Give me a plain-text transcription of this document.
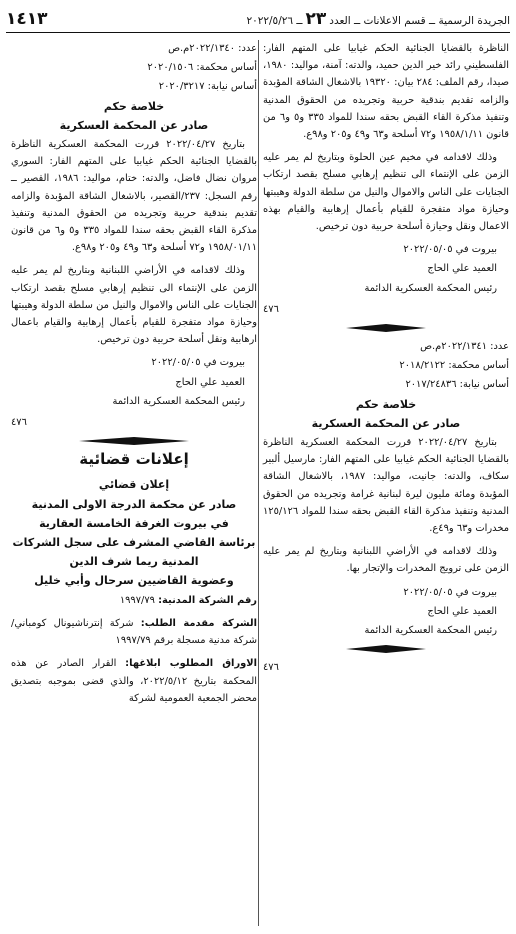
الجريدة الرسمية ــ قسم الاعلانات ــ العدد٢٣ــ ٢٠٢٢/٥/٢٦
١٤١٣

الناظرة بالقضايا الجنائية الحكم غيابيا على المتهم الفار: الفلسطيني رائد خير الدين حميد، والدته: آمنة، مواليد: ١٩٨٠، صيدا، رقم الملف: ٢٨٤ بيان: ١٩٣٢٠ بالاشغال الشاقة المؤبدة والزامه تقديم بندقية حربية وتجريده من الحقوق المدنية وتنفيذ مذكرة القاء القبض بحقه سندا للمواد ٣٣٥ و٥ و٦ من قانون ١٩٥٨/١/١١ و٧٢ أسلحة و٦٣ و٤٩ و٢٠٥ و٩٨ع.

وذلك لاقدامه في مخيم عين الحلوة وبتاريخ لم يمر عليه الزمن على الإنتماء الى تنظيم إرهابي مسلح بقصد ارتكاب الجنايات على الناس والاموال والنيل من سلطة الدولة وهيبتها وحيازة مواد متفجرة للقيام بأعمال إرهابية والقيام بهذه الاعمال ونقل وحيازة أسلحة حربية دون ترخيص.

بيروت في ٢٠٢٢/٠٥/٠٥

العميد علي الحاج

رئيس المحكمة العسكرية الدائمة

٤٧٦

عدد: ٢٠٢٢/١٣٤١م.ص

أساس محكمة: ٢٠١٨/٢١٢٢

أساس نيابة: ٢٠١٧/٢٤٨٣٦

خلاصة حكم
صادر عن المحكمة العسكرية

بتاريخ ٢٠٢٢/٠٤/٢٧ قررت المحكمة العسكرية الناظرة بالقضايا الجنائية الحكم غيابيا على المتهم الفار: مارسيل ألبير سكاف، والدته: جانيت، مواليد: ١٩٨٧، بالاشغال الشاقة المؤبدة ومائة مليون ليرة لبنانية غرامة وتجريده من الحقوق المدنية وتنفيذ مذكرة القاء القبض بحقه سندا للمواد ١٢٥/١٢٦ مخدرات و٦٣ و٤٩ع.

وذلك لاقدامه في الأراضي اللبنانية وبتاريخ لم يمر عليه الزمن على ترويج المخدرات والإتجار بها.

بيروت في ٢٠٢٢/٠٥/٠٥

العميد علي الحاج

رئيس المحكمة العسكرية الدائمة

٤٧٦

عدد: ٢٠٢٢/١٣٤٠م.ص

أساس محكمة: ٢٠٢٠/١٥٠٦

أساس نيابة: ٢٠٢٠/٣٢١٧

خلاصة حكم
صادر عن المحكمة العسكرية

بتاريخ ٢٠٢٢/٠٤/٢٧ قررت المحكمة العسكرية الناظرة بالقضايا الجنائية الحكم غيابيا على المتهم الفار: السوري مروان نضال فاضل، والدته: ختام، مواليد: ١٩٨٦، القصير ــ رقم السجل: ٢٣٧/القصير، بالاشغال الشاقة المؤبدة والزامه تقديم بندقية حربية وتجريده من الحقوق المدنية وتنفيذ مذكرة القاء القبض بحقه سندا للمواد ٣٣٥ و٥ و٦ من قانون ١٩٥٨/٠١/١١ و٧٢ أسلحة و٦٣ و٤٩ و٢٠٥ و٩٨ع.

وذلك لاقدامه في الأراضي اللبنانية وبتاريخ لم يمر عليه الزمن على الإنتماء الى تنظيم إرهابي مسلح بقصد ارتكاب الجنايات على الناس والاموال والنيل من سلطة الدولة وهيبتها وحيازة مواد متفجرة للقيام بأعمال إرهابية والقيام باعمال ارهابية ونقل أسلحة حربية دون ترخيص.

بيروت في ٢٠٢٢/٠٥/٠٥

العميد علي الحاج

رئيس المحكمة العسكرية الدائمة

٤٧٦
إعلانات قضائية
إعلان قضائي
صادر عن محكمة الدرجة الاولى المدنية
في بيروت الغرفة الخامسة العقارية
برئاسة القاضي المشرف على سجل الشركات
المدنية ريما شرف الدين
وعضوية القاضيين سرحال وأبي خليل

رقم الشركة المدنية: ١٩٩٧/٧٩

الشركة مقدمة الطلب: شركة إنترناشيونال كومباني/ شركة مدنية مسجلة برقم ١٩٩٧/٧٩

الاوراق المطلوب ابلاغها: القرار الصادر عن هذه المحكمة بتاريخ ٢٠٢٢/٥/١٢، والذي قضى بموجبه بتصديق محضر الجمعية العمومية لشركة
